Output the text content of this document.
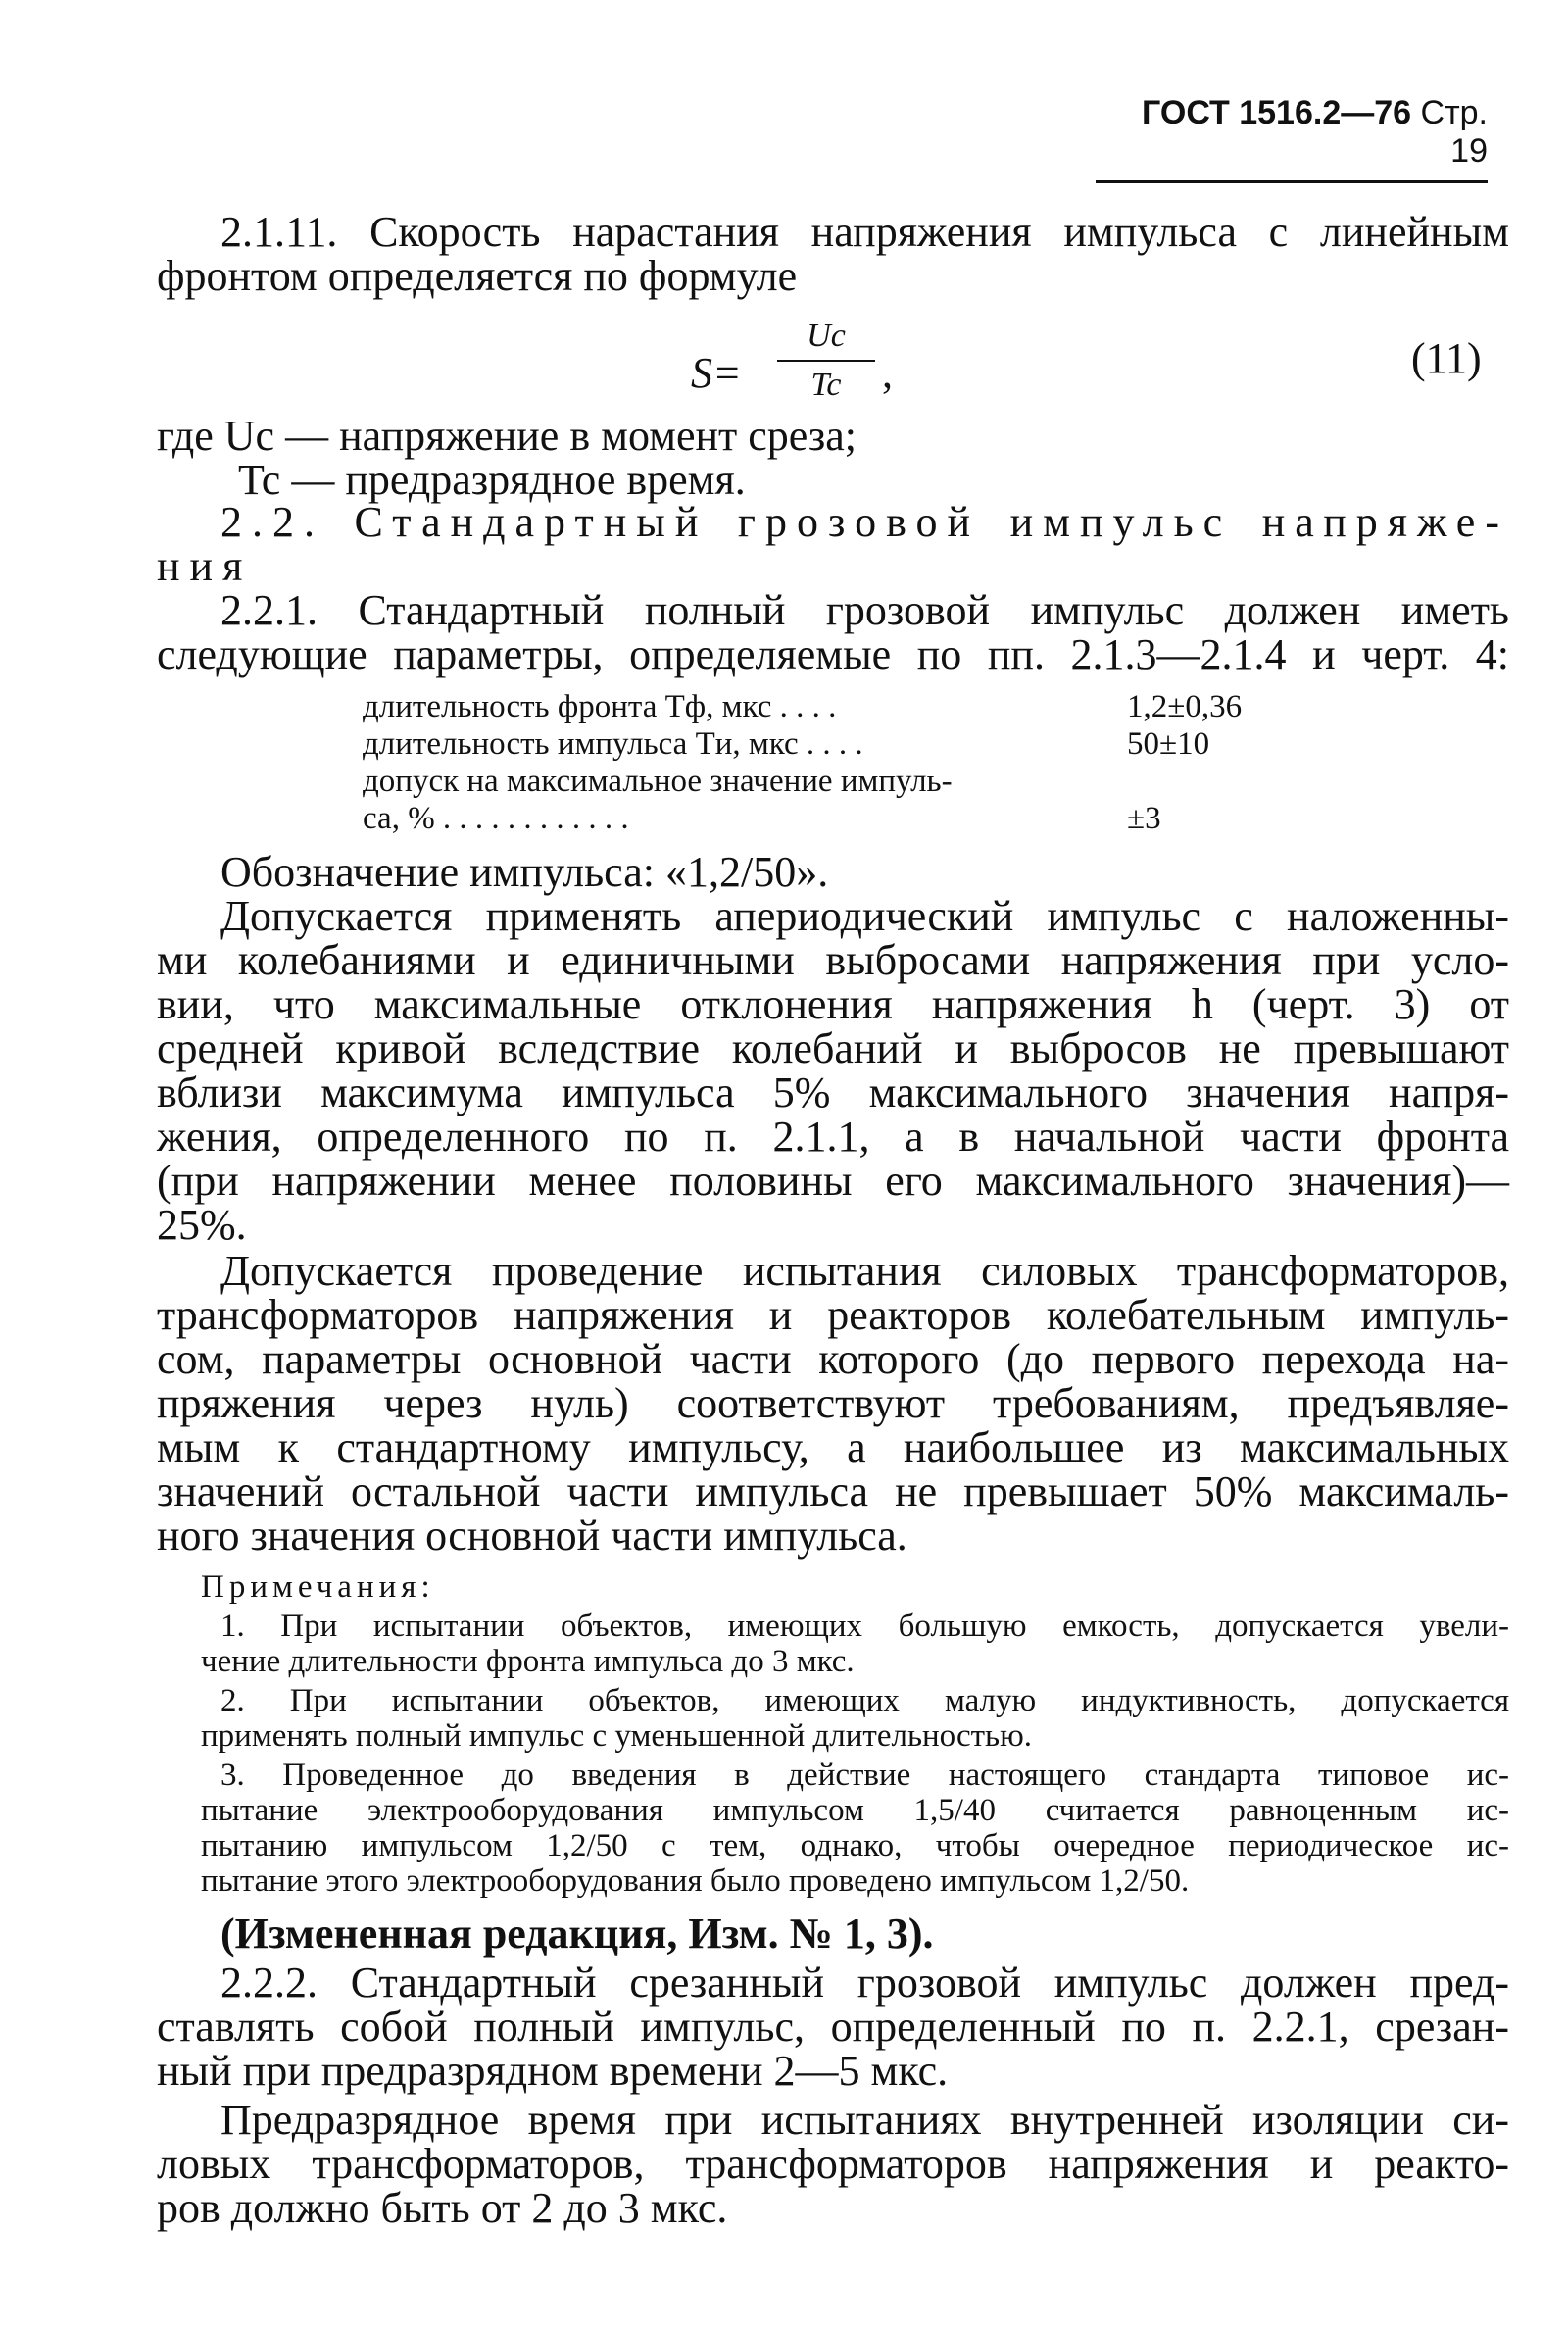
ГОСТ 1516.2—76 Стр. 19
2.1.11. Скорость нарастания напряжения импульса с линейным
фронтом определяется по формуле
S=
Uc
Tc ,	(11)
где Uc — напряжение в момент среза;
Tc — предразрядное время.
2.2. Стандартный грозовой импульс напряже-
ния
2.2.1. Стандартный полный грозовой импульс должен иметь
следующие параметры, определяемые по пп. 2.1.3—2.1.4 и черт. 4:
длительность фронта Tф, мкс . . . .	1,2±0,36
длительность импульса Tи, мкс . . . .	50±10
допуск на максимальное значение импуль-
са, % . . . . . . . . . . . .	±3
Обозначение импульса: «1,2/50».
Допускается применять апериодический импульс с наложенны-
ми колебаниями и единичными выбросами напряжения при усло-
вии, что максимальные отклонения напряжения h (черт. 3) от
средней кривой вследствие колебаний и выбросов не превышают
вблизи максимума импульса 5% максимального значения напря-
жения, определенного по п. 2.1.1, а в начальной части фронта
(при напряжении менее половины его максимального значения)—
25%.
Допускается проведение испытания силовых трансформаторов,
трансформаторов напряжения и реакторов колебательным импуль-
сом, параметры основной части которого (до первого перехода на-
пряжения через нуль) соответствуют требованиям, предъявляе-
мым к стандартному импульсу, а наибольшее из максимальных
значений остальной части импульса не превышает 50% максималь-
ного значения основной части импульса.
Примечания:
1. При испытании объектов, имеющих большую емкость, допускается увели-
чение длительности фронта импульса до 3 мкс.
2. При испытании объектов, имеющих малую индуктивность, допускается
применять полный импульс с уменьшенной длительностью.
3. Проведенное до введения в действие настоящего стандарта типовое ис-
пытание электрооборудования импульсом 1,5/40 считается равноценным ис-
пытанию импульсом 1,2/50 с тем, однако, чтобы очередное периодическое ис-
пытание этого электрооборудования было проведено импульсом 1,2/50.
(Измененная редакция, Изм. № 1, 3).
2.2.2. Стандартный срезанный грозовой импульс должен пред-
ставлять собой полный импульс, определенный по п. 2.2.1, срезан-
ный при предразрядном времени 2—5 мкс.
Предразрядное время при испытаниях внутренней изоляции си-
ловых трансформаторов, трансформаторов напряжения и реакто-
ров должно быть от 2 до 3 мкс.
